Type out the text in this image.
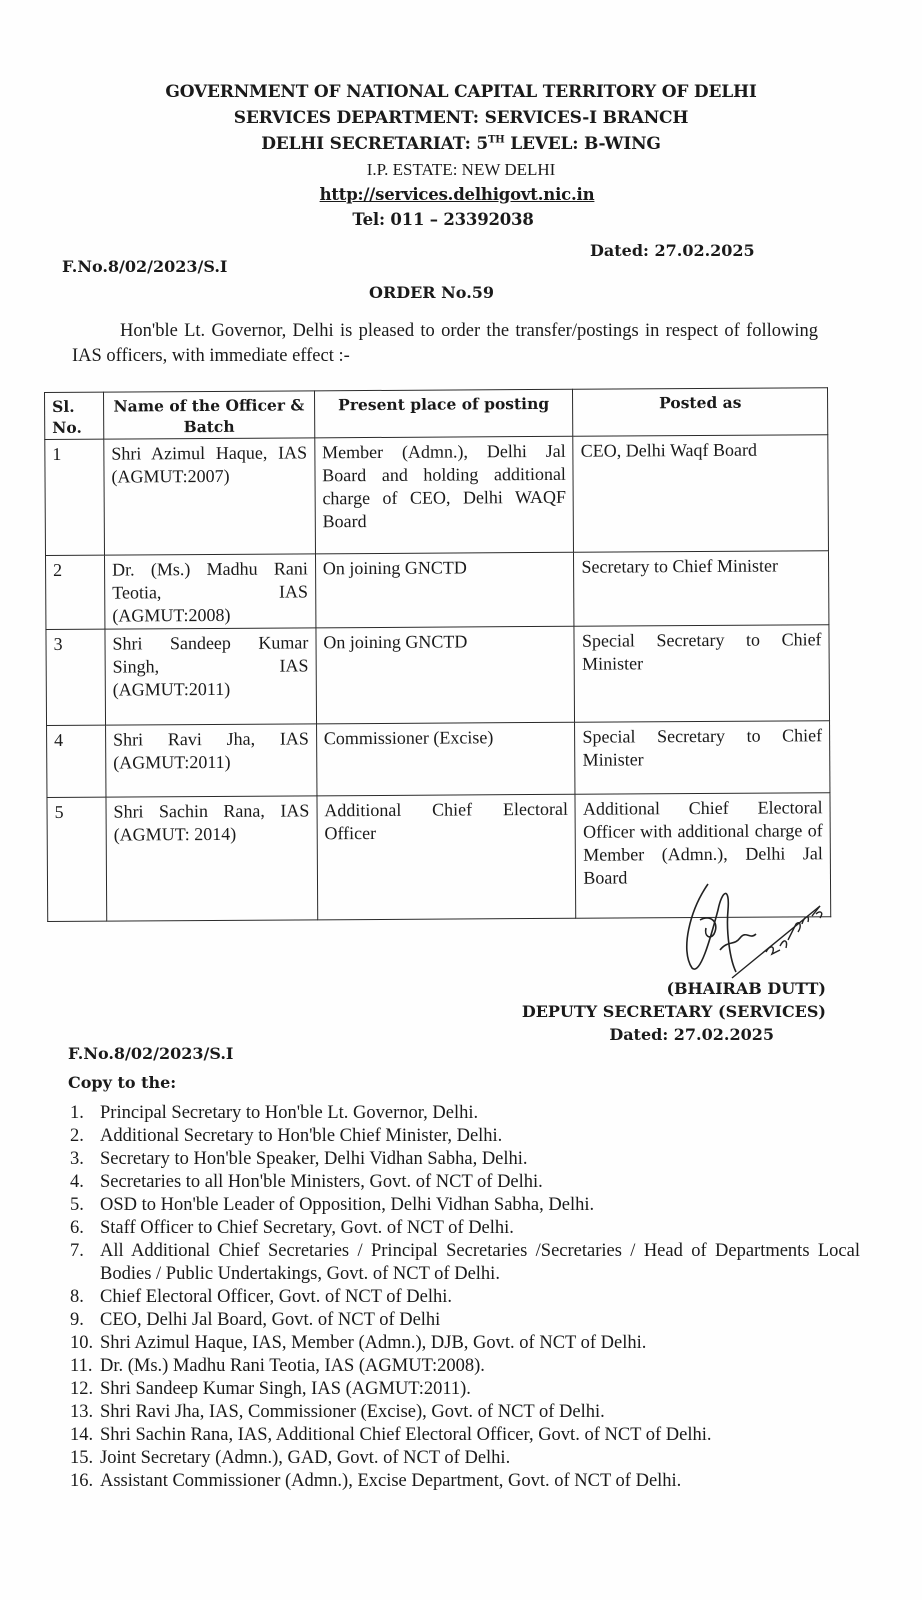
GOVERNMENT OF NATIONAL CAPITAL TERRITORY OF DELHI
SERVICES DEPARTMENT: SERVICES-I BRANCH
DELHI SECRETARIAT: 5TH LEVEL: B-WING
I.P. ESTATE: NEW DELHI
http://services.delhigovt.nic.in
Tel: 011 – 23392038
F.No.8/02/2023/S.I
Dated: 27.02.2025
ORDER No.59
Hon'ble Lt. Governor, Delhi is pleased to order the transfer/postings in respect of following IAS officers, with immediate effect :-
Sl. No.	Name of the Officer & Batch	Present place of posting	Posted as
1	Shri Azimul Haque, IAS (AGMUT:2007)	Member (Admn.), Delhi Jal Board and holding additional charge of CEO, Delhi WAQF Board	CEO, Delhi Waqf Board
2	Dr. (Ms.) Madhu Rani Teotia, IAS (AGMUT:2008)	On joining GNCTD	Secretary to Chief Minister
3	Shri Sandeep Kumar Singh, IAS (AGMUT:2011)	On joining GNCTD	Special Secretary to Chief Minister
4	Shri Ravi Jha, IAS (AGMUT:2011)	Commissioner (Excise)	Special Secretary to Chief Minister
5	Shri Sachin Rana, IAS (AGMUT: 2014)	Additional Chief Electoral Officer	Additional Chief Electoral Officer with additional charge of Member (Admn.), Delhi Jal Board
(BHAIRAB DUTT)
DEPUTY SECRETARY (SERVICES)
Dated: 27.02.2025
F.No.8/02/2023/S.I
Copy to the:
1. Principal Secretary to Hon'ble Lt. Governor, Delhi.
2. Additional Secretary to Hon'ble Chief Minister, Delhi.
3. Secretary to Hon'ble Speaker, Delhi Vidhan Sabha, Delhi.
4. Secretaries to all Hon'ble Ministers, Govt. of NCT of Delhi.
5. OSD to Hon'ble Leader of Opposition, Delhi Vidhan Sabha, Delhi.
6. Staff Officer to Chief Secretary, Govt. of NCT of Delhi.
7. All Additional Chief Secretaries / Principal Secretaries /Secretaries / Head of Departments Local Bodies / Public Undertakings, Govt. of NCT of Delhi.
8. Chief Electoral Officer, Govt. of NCT of Delhi.
9. CEO, Delhi Jal Board, Govt. of NCT of Delhi
10. Shri Azimul Haque, IAS, Member (Admn.), DJB, Govt. of NCT of Delhi.
11. Dr. (Ms.) Madhu Rani Teotia, IAS (AGMUT:2008).
12. Shri Sandeep Kumar Singh, IAS (AGMUT:2011).
13. Shri Ravi Jha, IAS, Commissioner (Excise), Govt. of NCT of Delhi.
14. Shri Sachin Rana, IAS, Additional Chief Electoral Officer, Govt. of NCT of Delhi.
15. Joint Secretary (Admn.), GAD, Govt. of NCT of Delhi.
16. Assistant Commissioner (Admn.), Excise Department, Govt. of NCT of Delhi.
